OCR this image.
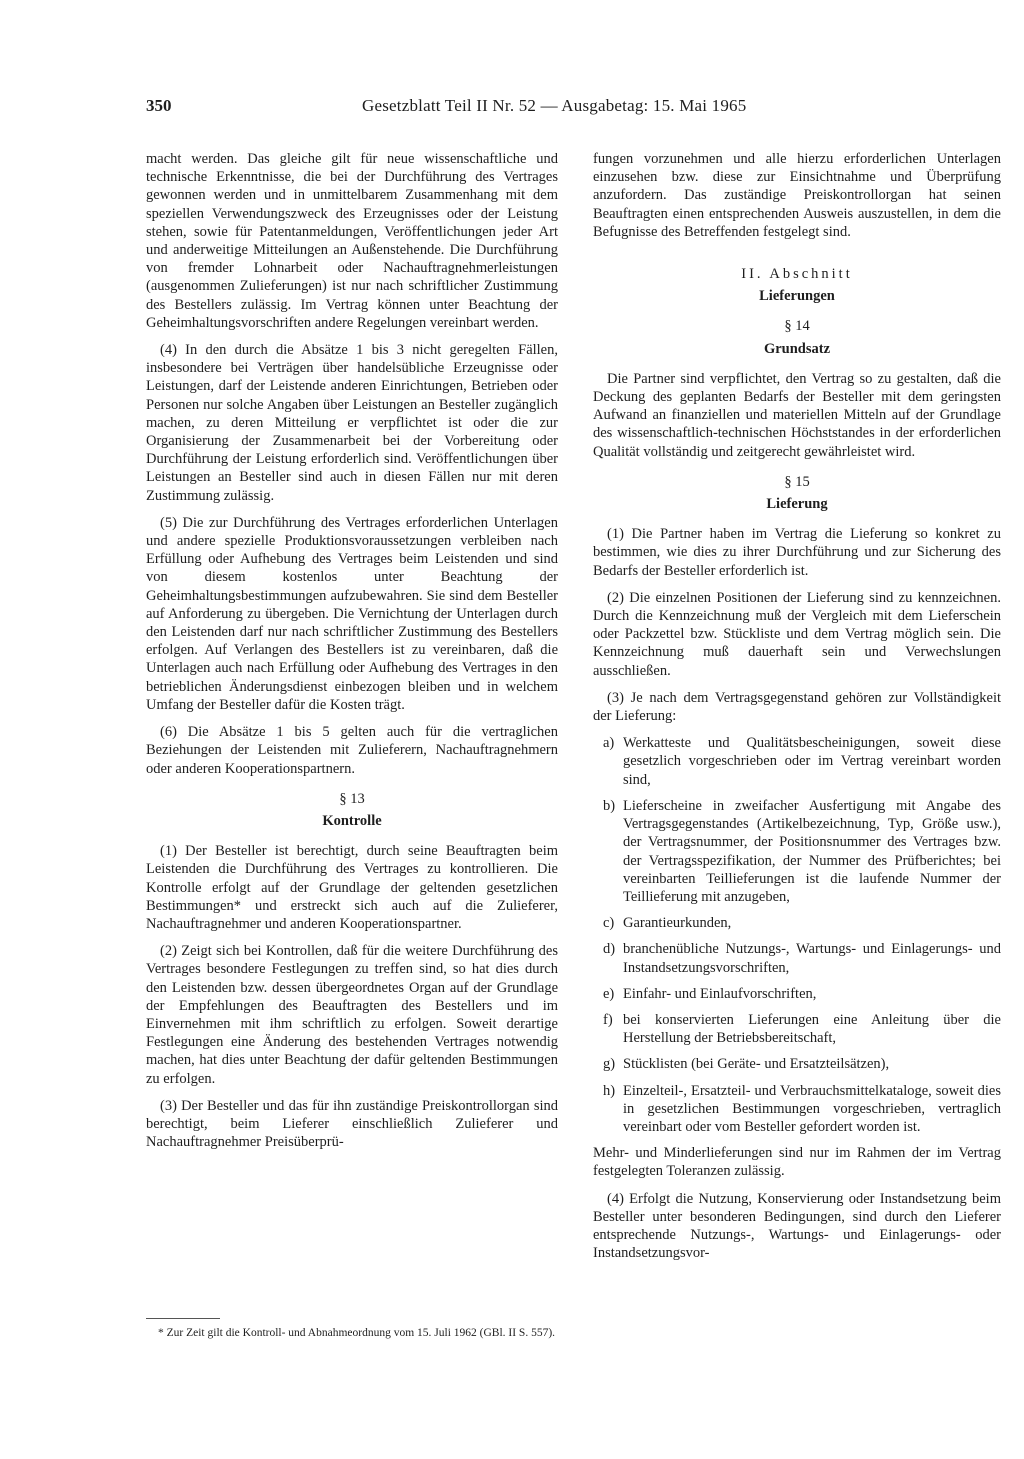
350	Gesetzblatt Teil II Nr. 52 — Ausgabetag: 15. Mai 1965

macht werden. Das gleiche gilt für neue wissenschaftliche und technische Erkenntnisse, die bei der Durchführung des Vertrages gewonnen werden und in unmittelbarem Zusammenhang mit dem speziellen Verwendungszweck des Erzeugnisses oder der Leistung stehen, sowie für Patentanmeldungen, Veröffentlichungen jeder Art und anderweitige Mitteilungen an Außenstehende. Die Durchführung von fremder Lohnarbeit oder Nachauftragnehmerleistungen (ausgenommen Zulieferungen) ist nur nach schriftlicher Zustimmung des Bestellers zulässig. Im Vertrag können unter Beachtung der Geheimhaltungsvorschriften andere Regelungen vereinbart werden.

(4) In den durch die Absätze 1 bis 3 nicht geregelten Fällen, insbesondere bei Verträgen über handelsübliche Erzeugnisse oder Leistungen, darf der Leistende anderen Einrichtungen, Betrieben oder Personen nur solche Angaben über Leistungen an Besteller zugänglich machen, zu deren Mitteilung er verpflichtet ist oder die zur Organisierung der Zusammenarbeit bei der Vorbereitung oder Durchführung der Leistung erforderlich sind. Veröffentlichungen über Leistungen an Besteller sind auch in diesen Fällen nur mit deren Zustimmung zulässig.

(5) Die zur Durchführung des Vertrages erforderlichen Unterlagen und andere spezielle Produktionsvoraussetzungen verbleiben nach Erfüllung oder Aufhebung des Vertrages beim Leistenden und sind von diesem kostenlos unter Beachtung der Geheimhaltungsbestimmungen aufzubewahren. Sie sind dem Besteller auf Anforderung zu übergeben. Die Vernichtung der Unterlagen durch den Leistenden darf nur nach schriftlicher Zustimmung des Bestellers erfolgen. Auf Verlangen des Bestellers ist zu vereinbaren, daß die Unterlagen auch nach Erfüllung oder Aufhebung des Vertrages in den betrieblichen Änderungsdienst einbezogen bleiben und in welchem Umfang der Besteller dafür die Kosten trägt.

(6) Die Absätze 1 bis 5 gelten auch für die vertraglichen Beziehungen der Leistenden mit Zulieferern, Nachauftragnehmern oder anderen Kooperationspartnern.

§ 13
Kontrolle

(1) Der Besteller ist berechtigt, durch seine Beauftragten beim Leistenden die Durchführung des Vertrages zu kontrollieren. Die Kontrolle erfolgt auf der Grundlage der geltenden gesetzlichen Bestimmungen* und erstreckt sich auch auf die Zulieferer, Nachauftragnehmer und anderen Kooperationspartner.

(2) Zeigt sich bei Kontrollen, daß für die weitere Durchführung des Vertrages besondere Festlegungen zu treffen sind, so hat dies durch den Leistenden bzw. dessen übergeordnetes Organ auf der Grundlage der Empfehlungen des Beauftragten des Bestellers und im Einvernehmen mit ihm schriftlich zu erfolgen. Soweit derartige Festlegungen eine Änderung des bestehenden Vertrages notwendig machen, hat dies unter Beachtung der dafür geltenden Bestimmungen zu erfolgen.

(3) Der Besteller und das für ihn zuständige Preiskontrollorgan sind berechtigt, beim Lieferer einschließlich Zulieferer und Nachauftragnehmer Preisüberprü-

* Zur Zeit gilt die Kontroll- und Abnahmeordnung vom 15. Juli 1962 (GBl. II S. 557).

fungen vorzunehmen und alle hierzu erforderlichen Unterlagen einzusehen bzw. diese zur Einsichtnahme und Überprüfung anzufordern. Das zuständige Preiskontrollorgan hat seinen Beauftragten einen entsprechenden Ausweis auszustellen, in dem die Befugnisse des Betreffenden festgelegt sind.

II. Abschnitt
Lieferungen
§ 14
Grundsatz

Die Partner sind verpflichtet, den Vertrag so zu gestalten, daß die Deckung des geplanten Bedarfs der Besteller mit dem geringsten Aufwand an finanziellen und materiellen Mitteln auf der Grundlage des wissenschaftlich-technischen Höchststandes in der erforderlichen Qualität vollständig und zeitgerecht gewährleistet wird.

§ 15
Lieferung

(1) Die Partner haben im Vertrag die Lieferung so konkret zu bestimmen, wie dies zu ihrer Durchführung und zur Sicherung des Bedarfs der Besteller erforderlich ist.

(2) Die einzelnen Positionen der Lieferung sind zu kennzeichnen. Durch die Kennzeichnung muß der Vergleich mit dem Lieferschein oder Packzettel bzw. Stückliste und dem Vertrag möglich sein. Die Kennzeichnung muß dauerhaft sein und Verwechslungen ausschließen.

(3) Je nach dem Vertragsgegenstand gehören zur Vollständigkeit der Lieferung:

a) Werkatteste und Qualitätsbescheinigungen, soweit diese gesetzlich vorgeschrieben oder im Vertrag vereinbart worden sind,
b) Lieferscheine in zweifacher Ausfertigung mit Angabe des Vertragsgegenstandes (Artikelbezeichnung, Typ, Größe usw.), der Vertragsnummer, der Positionsnummer des Vertrages bzw. der Vertragsspezifikation, der Nummer des Prüfberichtes; bei vereinbarten Teillieferungen ist die laufende Nummer der Teillieferung mit anzugeben,
c) Garantieurkunden,
d) branchenübliche Nutzungs-, Wartungs- und Einlagerungs- und Instandsetzungsvorschriften,
e) Einfahr- und Einlaufvorschriften,
f) bei konservierten Lieferungen eine Anleitung über die Herstellung der Betriebsbereitschaft,
g) Stücklisten (bei Geräte- und Ersatzteilsätzen),
h) Einzelteil-, Ersatzteil- und Verbrauchsmittelkataloge, soweit dies in gesetzlichen Bestimmungen vorgeschrieben, vertraglich vereinbart oder vom Besteller gefordert worden ist.

Mehr- und Minderlieferungen sind nur im Rahmen der im Vertrag festgelegten Toleranzen zulässig.

(4) Erfolgt die Nutzung, Konservierung oder Instandsetzung beim Besteller unter besonderen Bedingungen, sind durch den Lieferer entsprechende Nutzungs-, Wartungs- und Einlagerungs- oder Instandsetzungsvor-
